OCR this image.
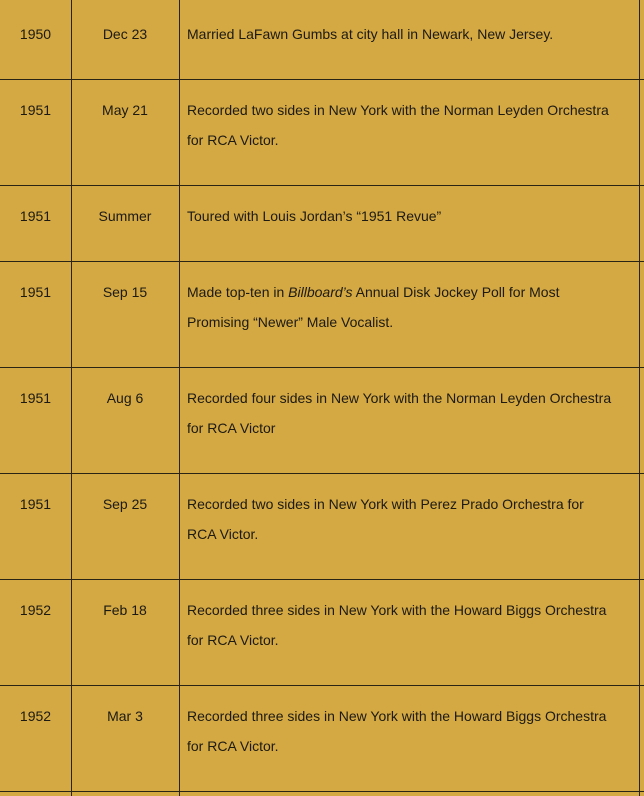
1950	Dec 23	Married LaFawn Gumbs at city hall in Newark, New Jersey.
1951	May 21	Recorded two sides in New York with the Norman Leyden Orchestra
for RCA Victor.
1951	Summer	Toured with Louis Jordan’s “1951 Revue”
1951	Sep 15	Made top-ten in Billboard’s Annual Disk Jockey Poll for Most
Promising “Newer” Male Vocalist.
1951	Aug 6	Recorded four sides in New York with the Norman Leyden Orchestra
for RCA Victor
1951	Sep 25	Recorded two sides in New York with Perez Prado Orchestra for
RCA Victor.
1952	Feb 18	Recorded three sides in New York with the Howard Biggs Orchestra
for RCA Victor.
1952	Mar 3	Recorded three sides in New York with the Howard Biggs Orchestra
for RCA Victor.
